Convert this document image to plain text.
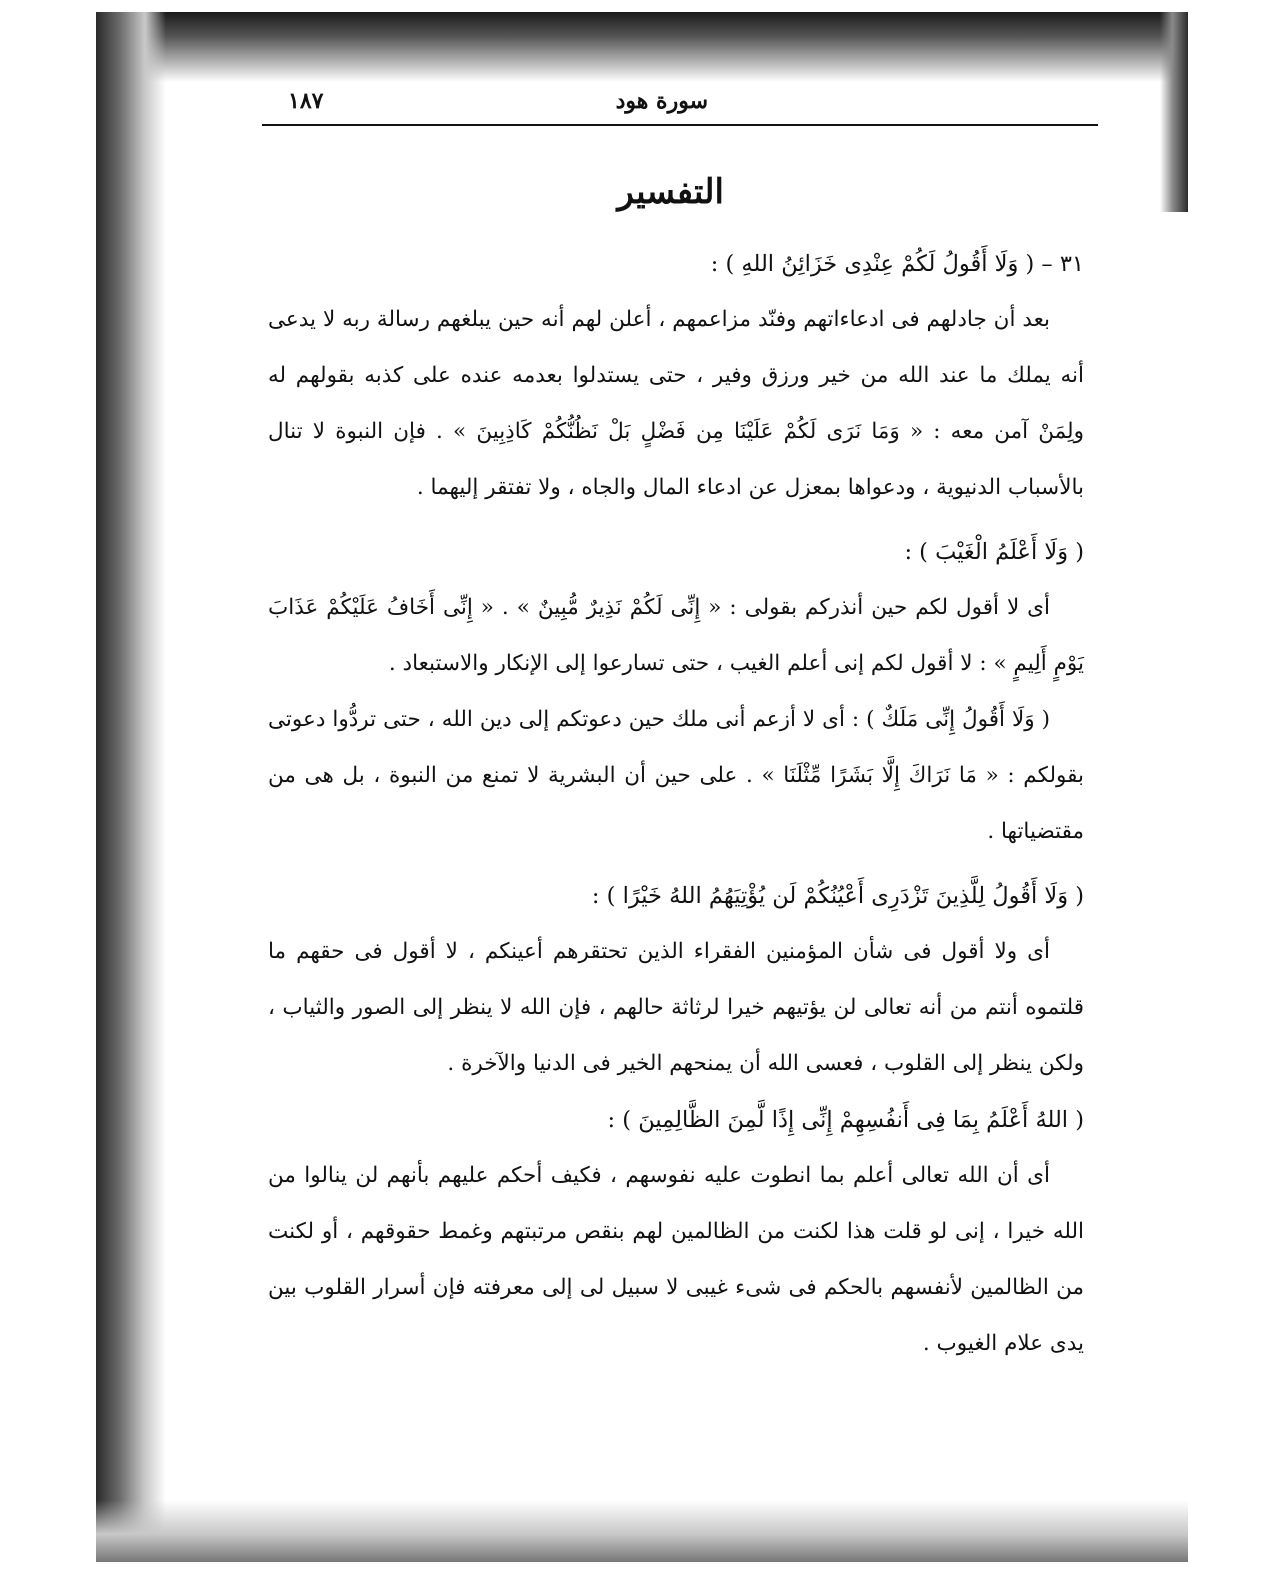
سورة هود
١٨٧
التفسير

٣١ – ( وَلَا أَقُولُ لَكُمْ عِنْدِى خَزَائِنُ اللهِ ) :

بعد أن جادلهم فى ادعاءاتهم وفنّد مزاعمهم ، أعلن لهم أنه حين يبلغهم رسالة ربه لا يدعى أنه يملك ما عند الله من خير ورزق وفير ، حتى يستدلوا بعدمه عنده على كذبه بقولهم له ولِمَنْ آمن معه : « وَمَا نَرَى لَكُمْ عَلَيْنَا مِن فَضْلٍ بَلْ نَظُنُّكُمْ كَاذِبِينَ » . فإن النبوة لا تنال بالأسباب الدنيوية ، ودعواها بمعزل عن ادعاء المال والجاه ، ولا تفتقر إليهما .

( وَلَا أَعْلَمُ الْغَيْبَ ) :

أى لا أقول لكم حين أنذركم بقولى : « إِنِّى لَكُمْ نَذِيرٌ مُّبِينٌ » . « إِنِّى أَخَافُ عَلَيْكُمْ عَذَابَ يَوْمٍ أَلِيمٍ » : لا أقول لكم إنى أعلم الغيب ، حتى تسارعوا إلى الإنكار والاستبعاد .

( وَلَا أَقُولُ إِنِّى مَلَكٌ ) : أى لا أزعم أنى ملك حين دعوتكم إلى دين الله ، حتى تردُّوا دعوتى بقولكم : « مَا نَرَاكَ إِلَّا بَشَرًا مِّثْلَنَا » . على حين أن البشرية لا تمنع من النبوة ، بل هى من مقتضياتها .

( وَلَا أَقُولُ لِلَّذِينَ تَزْدَرِى أَعْيُنُكُمْ لَن يُؤْتِيَهُمُ اللهُ خَيْرًا ) :

أى ولا أقول فى شأن المؤمنين الفقراء الذين تحتقرهم أعينكم ، لا أقول فى حقهم ما قلتموه أنتم من أنه تعالى لن يؤتيهم خيرا لرثاثة حالهم ، فإن الله لا ينظر إلى الصور والثياب ، ولكن ينظر إلى القلوب ، فعسى الله أن يمنحهم الخير فى الدنيا والآخرة .

( اللهُ أَعْلَمُ بِمَا فِى أَنفُسِهِمْ إِنِّى إِذًا لَّمِنَ الظَّالِمِينَ ) :

أى أن الله تعالى أعلم بما انطوت عليه نفوسهم ، فكيف أحكم عليهم بأنهم لن ينالوا من الله خيرا ، إنى لو قلت هذا لكنت من الظالمين لهم بنقص مرتبتهم وغمط حقوقهم ، أو لكنت من الظالمين لأنفسهم بالحكم فى شىء غيبى لا سبيل لى إلى معرفته فإن أسرار القلوب بين يدى علام الغيوب .
